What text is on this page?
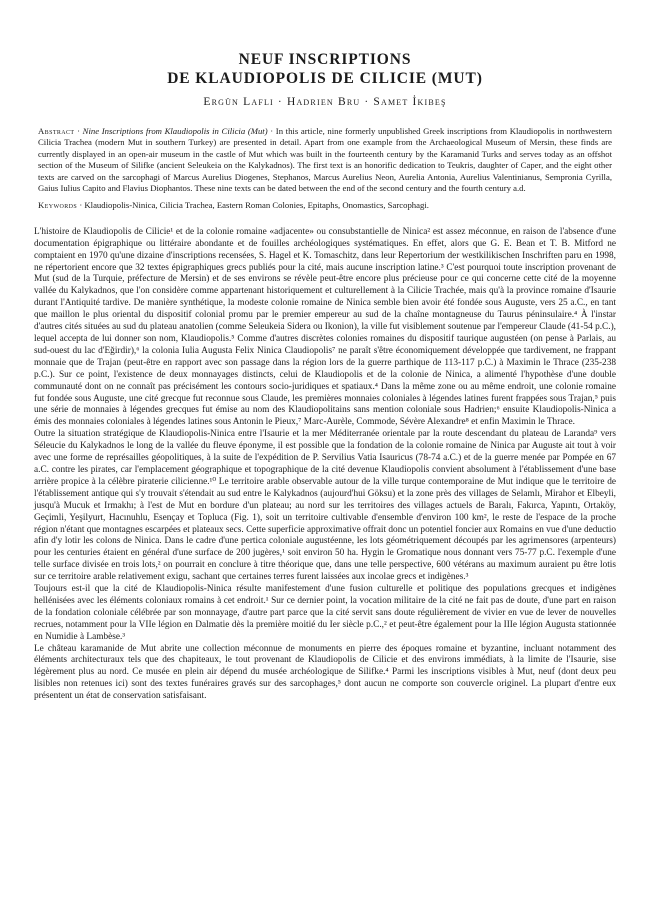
NEUF INSCRIPTIONS
DE KLAUDIOPOLIS DE CILICIE (MUT)
Ergün Lafli · Hadrien Bru · Samet İkibeş
Abstract · Nine Inscriptions from Klaudiopolis in Cilicia (Mut) · In this article, nine formerly unpublished Greek inscriptions from Klaudiopolis in northwestern Cilicia Trachea (modern Mut in southern Turkey) are presented in detail. Apart from one example from the Archaeological Museum of Mersin, these finds are currently displayed in an open-air museum in the castle of Mut which was built in the fourteenth century by the Karamanid Turks and serves today as an offshot section of the Museum of Silifke (ancient Seleukeia on the Kalykadnos). The first text is an honorific dedication to Teukris, daughter of Caper, and the eight other texts are carved on the sarcophagi of Marcus Aurelius Diogenes, Stephanos, Marcus Aurelius Neon, Aurelia Antonia, Aurelius Valentinianus, Sempronia Cyrilla, Gaius Iulius Capito and Flavius Diophantos. These nine texts can be dated between the end of the second century and the fourth century a.d.
Keywords · Klaudiopolis-Ninica, Cilicia Trachea, Eastern Roman Colonies, Epitaphs, Onomastics, Sarcophagi.

L'histoire de Klaudiopolis de Cilicie¹ et de la colonie romaine «adjacente» ou consubstantielle de Ninica² est assez méconnue, en raison de l'absence d'une documentation épigraphique ou littéraire abondante et de fouilles archéologiques systématiques. En effet, alors que G. E. Bean et T. B. Mitford ne comptaient en 1970 qu'une dizaine d'inscriptions recensées, S. Hagel et K. Tomaschitz, dans leur Repertorium der westkilikischen Inschriften paru en 1998, ne répertorient encore que 32 textes épigraphiques grecs publiés pour la cité, mais aucune inscription latine.³ C'est pourquoi toute inscription provenant de Mut (sud de la Turquie, préfecture de Mersin) et de ses environs se révèle peut-être encore plus précieuse pour ce qui concerne cette cité de la moyenne vallée du Kalykadnos, que l'on considère comme appartenant historiquement et culturellement à la Cilicie Trachée, mais qu'à la province romaine d'Isaurie durant l'Antiquité tardive. De manière synthétique, la modeste colonie romaine de Ninica semble bien avoir été fondée sous Auguste, vers 25 a.C., en tant que maillon le plus oriental du dispositif colonial promu par le premier empereur au sud de la chaîne montagneuse du Taurus péninsulaire.⁴ À l'instar d'autres cités situées au sud du plateau anatolien (comme Seleukeia Sidera ou Ikonion), la ville fut visiblement soutenue par l'empereur Claude (41-54 p.C.), lequel accepta de lui donner son nom, Klaudiopolis.⁵ Comme d'autres discrètes colonies romaines du dispositif taurique augustéen (on pense à Parlais, au sud-ouest du lac d'Eğirdir),⁶ la colonia Iulia Augusta Felix Ninica Claudiopolis⁷ ne paraît s'être économiquement développée que tardivement, ne frappant monnaie que de Trajan (peut-être en rapport avec son passage dans la région lors de la guerre parthique de 113-117 p.C.) à Maximin le Thrace (235-238 p.C.). Sur ce point, l'existence de deux monnayages distincts, celui de Klaudiopolis et de la colonie de Ninica, a alimenté l'hypothèse d'une double communauté dont on ne connaît pas précisément les contours socio-juridiques et spatiaux.⁴ Dans la même zone ou au même endroit, une colonie romaine fut fondée sous Auguste, une cité grecque fut reconnue sous Claude, les premières monnaies coloniales à légendes latines furent frappées sous Trajan,⁵ puis une série de monnaies à légendes grecques fut émise au nom des Klaudiopolitains sans mention coloniale sous Hadrien;⁶ ensuite Klaudiopolis-Ninica a émis des monnaies coloniales à légendes latines sous Antonin le Pieux,⁷ Marc-Aurèle, Commode, Sévère Alexandre⁸ et enfin Maximin le Thrace.

Outre la situation stratégique de Klaudiopolis-Ninica entre l'Isaurie et la mer Méditerranée orientale par la route descendant du plateau de Laranda⁹ vers Séleucie du Kalykadnos le long de la vallée du fleuve éponyme, il est possible que la fondation de la colonie romaine de Ninica par Auguste ait tout à voir avec une forme de représailles géopolitiques, à la suite de l'expédition de P. Servilius Vatia Isauricus (78-74 a.C.) et de la guerre menée par Pompée en 67 a.C. contre les pirates, car l'emplacement géographique et topographique de la cité devenue Klaudiopolis convient absolument à l'établissement d'une base arrière propice à la célèbre piraterie cilicienne.¹⁰ Le territoire arable observable autour de la ville turque contemporaine de Mut indique que le territoire de l'établissement antique qui s'y trouvait s'étendait au sud entre le Kalykadnos (aujourd'hui Göksu) et la zone près des villages de Selamlı, Mirahor et Elbeyli, jusqu'à Mucuk et Irmakhı; à l'est de Mut en bordure d'un plateau; au nord sur les territoires des villages actuels de Baralı, Fakırca, Yapıntı, Ortaköy, Geçimli, Yeşilyurt, Hacınuhlu, Esençay et Topluca (Fig. 1), soit un territoire cultivable d'ensemble d'environ 100 km², le reste de l'espace de la proche région n'étant que montagnes escarpées et plateaux secs. Cette superficie approximative offrait donc un potentiel foncier aux Romains en vue d'une deductio afin d'y lotir les colons de Ninica. Dans le cadre d'une pertica coloniale augustéenne, les lots géométriquement découpés par les agrimensores (arpenteurs) pour les centuries étaient en général d'une surface de 200 jugères,¹ soit environ 50 ha. Hygin le Gromatique nous donnant vers 75-77 p.C. l'exemple d'une telle surface divisée en trois lots,² on pourrait en conclure à titre théorique que, dans une telle perspective, 600 vétérans au maximum auraient pu être lotis sur ce territoire arable relativement exigu, sachant que certaines terres furent laissées aux incolae grecs et indigènes.³

Toujours est-il que la cité de Klaudiopolis-Ninica résulte manifestement d'une fusion culturelle et politique des populations grecques et indigènes hellénisées avec les éléments coloniaux romains à cet endroit.¹ Sur ce dernier point, la vocation militaire de la cité ne fait pas de doute, d'une part en raison de la fondation coloniale célébrée par son monnayage, d'autre part parce que la cité servit sans doute régulièrement de vivier en vue de lever de nouvelles recrues, notamment pour la VIIe légion en Dalmatie dès la première moitié du Ier siècle p.C.,² et peut-être également pour la IIIe légion Augusta stationnée en Numidie à Lambèse.³

Le château karamanide de Mut abrite une collection méconnue de monuments en pierre des époques romaine et byzantine, incluant notamment des éléments architecturaux tels que des chapiteaux, le tout provenant de Klaudiopolis de Cilicie et des environs immédiats, à la limite de l'Isaurie, sise légèrement plus au nord. Ce musée en plein air dépend du musée archéologique de Silifke.⁴ Parmi les inscriptions visibles à Mut, neuf (dont deux peu lisibles non retenues ici) sont des textes funéraires gravés sur des sarcophages,⁵ dont aucun ne comporte son couvercle originel. La plupart d'entre eux présentent un état de conservation satisfaisant.
